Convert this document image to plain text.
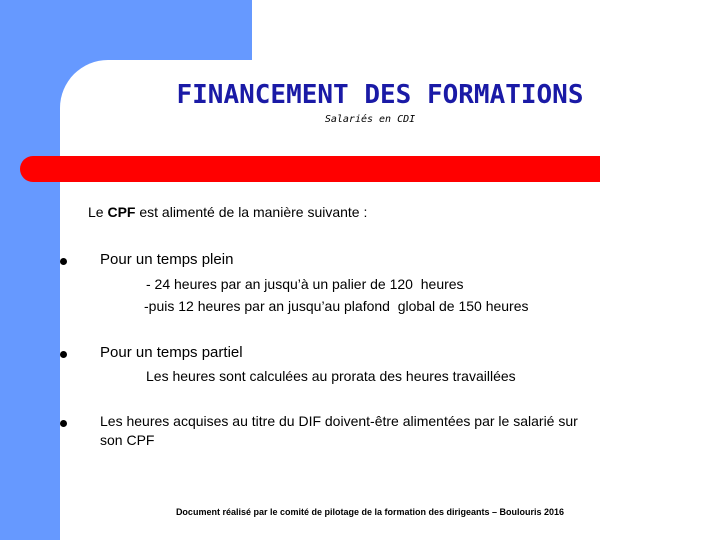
FINANCEMENT DES FORMATIONS
Salariés en CDI
Le CPF est alimenté de la manière suivante :
Pour un temps plein
- 24 heures par an jusqu’à un palier de 120  heures
-puis 12 heures par an jusqu’au plafond  global de 150 heures
Pour un temps partiel
Les heures sont calculées au prorata des heures travaillées
Les heures acquises au titre du DIF doivent-être alimentées par le salarié sur
son CPF
Document réalisé par le comité de pilotage de la formation des dirigeants – Boulouris 2016
